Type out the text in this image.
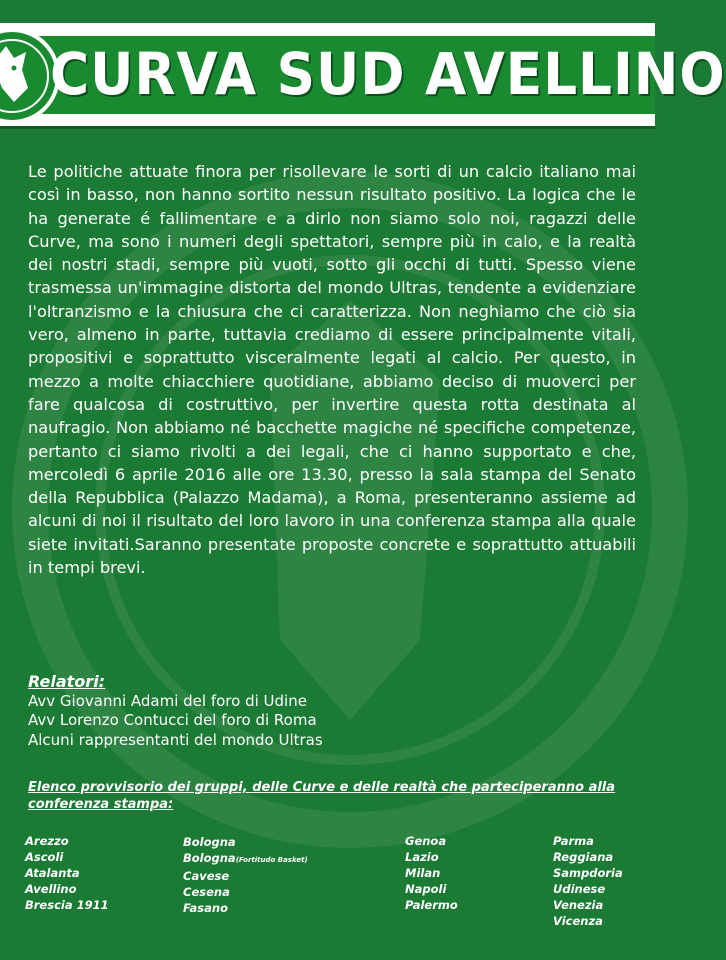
CURVA SUD AVELLINO
Le politiche attuate finora per risollevare le sorti di un calcio italiano mai così in basso, non hanno sortito nessun risultato positivo. La logica che le ha generate é fallimentare e a dirlo non siamo solo noi, ragazzi delle Curve, ma sono i numeri degli spettatori, sempre più in calo, e la realtà dei nostri stadi, sempre più vuoti, sotto gli occhi di tutti. Spesso viene trasmessa un'immagine distorta del mondo Ultras, tendente a evidenziare l'oltranzismo e la chiusura che ci caratterizza. Non neghiamo che ciò sia vero, almeno in parte, tuttavia crediamo di essere principalmente vitali, propositivi e soprattutto visceralmente legati al calcio. Per questo, in mezzo a molte chiacchiere quotidiane, abbiamo deciso di muoverci per fare qualcosa di costruttivo, per invertire questa rotta destinata al naufragio. Non abbiamo né bacchette magiche né specifiche competenze, pertanto ci siamo rivolti a dei legali, che ci hanno supportato e che, mercoledì 6 aprile 2016 alle ore 13.30, presso la sala stampa del Senato della Repubblica (Palazzo Madama), a Roma, presenteranno assieme ad alcuni di noi il risultato del loro lavoro in una conferenza stampa alla quale siete invitati.Saranno presentate proposte concrete e soprattutto attuabili in tempi brevi.
Relatori:
Avv Giovanni Adami del foro di Udine
Avv Lorenzo Contucci del foro di Roma
Alcuni rappresentanti del mondo Ultras
Elenco provvisorio dei gruppi, delle Curve e delle realtà che parteciperanno alla conferenza stampa:
Arezzo
Ascoli
Atalanta
Avellino
Brescia 1911
Bologna
Bologna(Fortitudo Basket)
Cavese
Cesena
Fasano
Genoa
Lazio
Milan
Napoli
Palermo
Parma
Reggiana
Sampdoria
Udinese
Venezia
Vicenza
